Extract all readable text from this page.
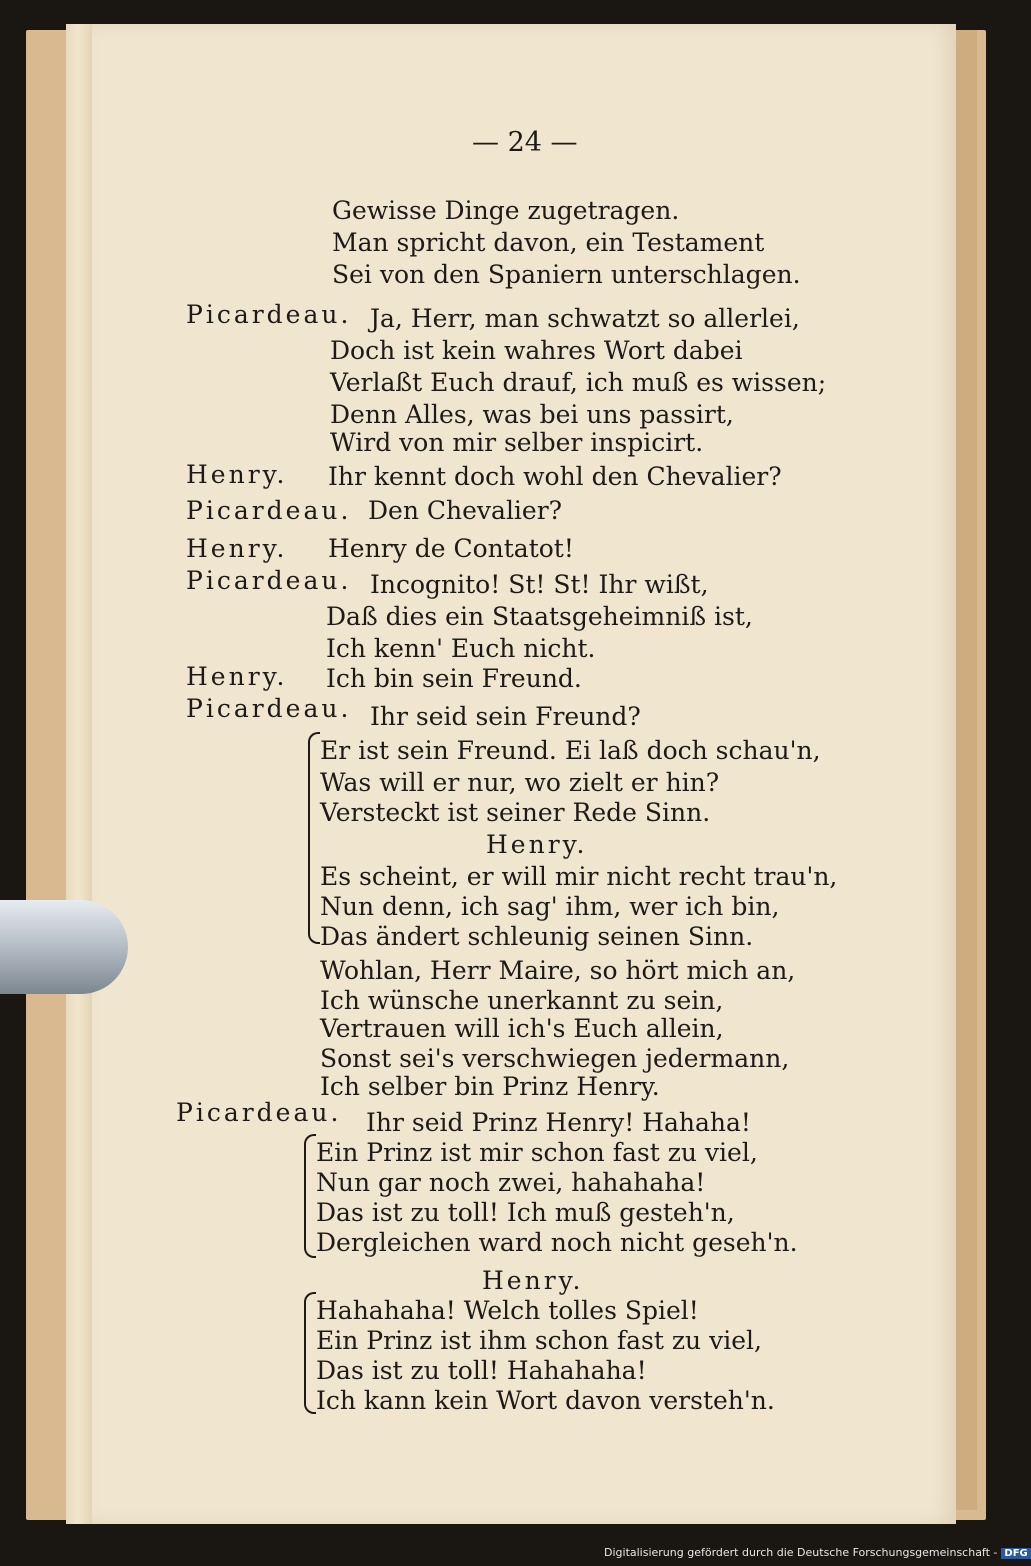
— 24 —
Gewisse Dinge zugetragen.
Man spricht davon, ein Testament
Sei von den Spaniern unterschlagen.
Picardeau. Ja, Herr, man schwatzt so allerlei,
Doch ist kein wahres Wort dabei
Verlaßt Euch drauf, ich muß es wissen;
Denn Alles, was bei uns passirt,
Wird von mir selber inspicirt.
Henry. Ihr kennt doch wohl den Chevalier?
Picardeau. Den Chevalier?
Henry. Henry de Contatot!
Picardeau. Incognito! St! St! Ihr wißt,
Daß dies ein Staatsgeheimniß ist,
Ich kenn' Euch nicht.
Henry. Ich bin sein Freund.
Picardeau. Ihr seid sein Freund?
Er ist sein Freund. Ei laß doch schau'n,
Was will er nur, wo zielt er hin?
Versteckt ist seiner Rede Sinn.
Henry.
Es scheint, er will mir nicht recht trau'n,
Nun denn, ich sag' ihm, wer ich bin,
Das ändert schleunig seinen Sinn.
Wohlan, Herr Maire, so hört mich an,
Ich wünsche unerkannt zu sein,
Vertrauen will ich's Euch allein,
Sonst sei's verschwiegen jedermann,
Ich selber bin Prinz Henry.
Picardeau. Ihr seid Prinz Henry! Hahaha!
Ein Prinz ist mir schon fast zu viel,
Nun gar noch zwei, hahahaha!
Das ist zu toll! Ich muß gesteh'n,
Dergleichen ward noch nicht geseh'n.
Henry.
Hahahaha! Welch tolles Spiel!
Ein Prinz ist ihm schon fast zu viel,
Das ist zu toll! Hahahaha!
Ich kann kein Wort davon versteh'n.
Digitalisierung gefördert durch die Deutsche Forschungsgemeinschaft - DFG
